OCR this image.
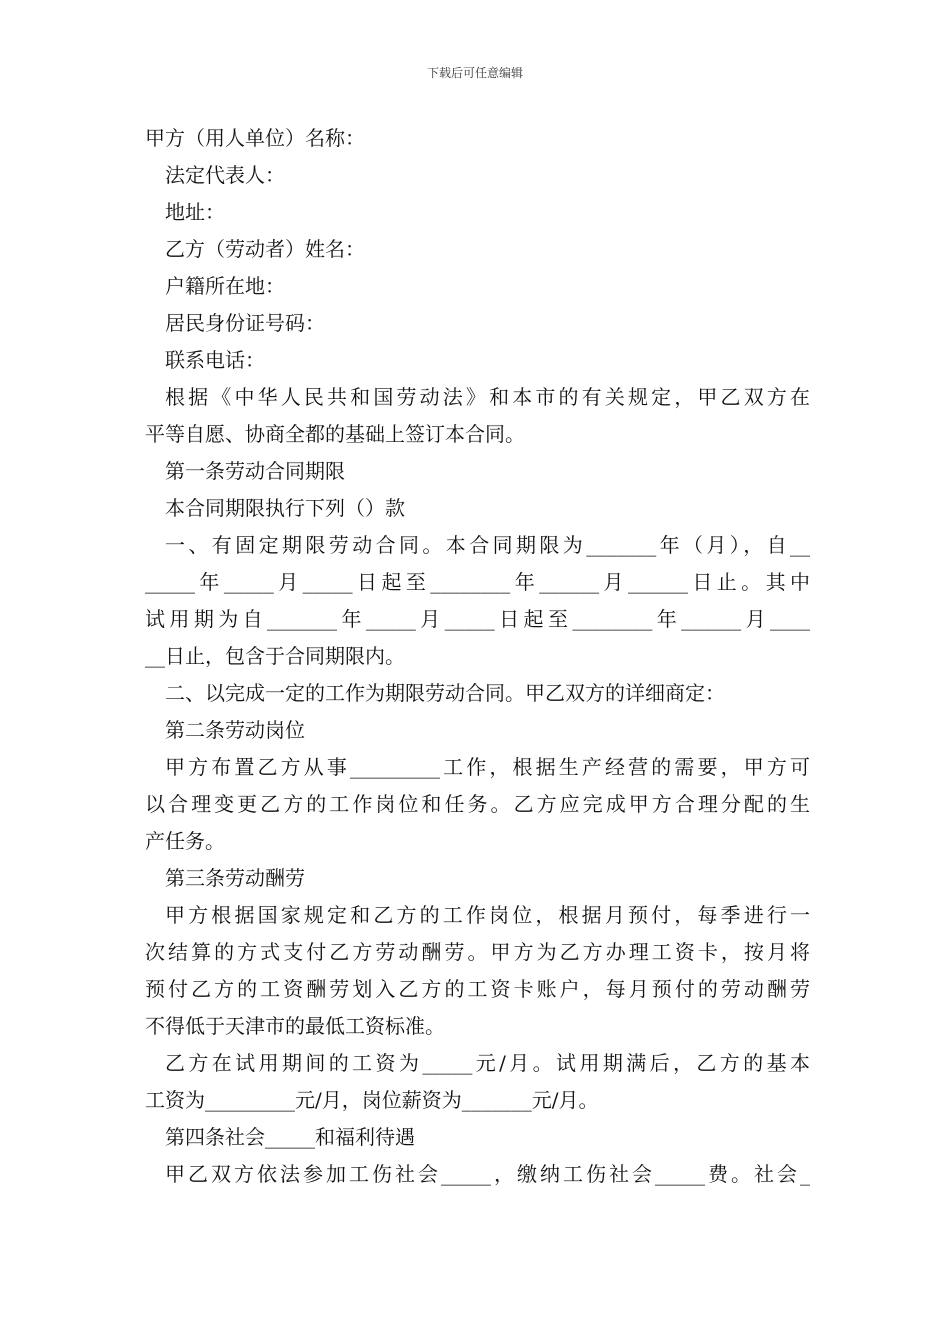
下载后可任意编辑
甲方（用人单位）名称：
法定代表人：
地址：
乙方（劳动者）姓名：
户籍所在地：
居民身份证号码：
联系电话：
根据《中华人民共和国劳动法》和本市的有关规定，甲乙双方在
平等自愿、协商全都的基础上签订本合同。
第一条劳动合同期限
本合同期限执行下列（）款
一、有固定期限劳动合同。本合同期限为_______年（月），自__
_____年_____月_____日起至________年______月______日止。其中
试用期为自_______年_____月_____日起至________年______月____
__日止，包含于合同期限内。
二、以完成一定的工作为期限劳动合同。甲乙双方的详细商定：
第二条劳动岗位
甲方布置乙方从事_________工作，根据生产经营的需要，甲方可
以合理变更乙方的工作岗位和任务。乙方应完成甲方合理分配的生
产任务。
第三条劳动酬劳
甲方根据国家规定和乙方的工作岗位，根据月预付，每季进行一
次结算的方式支付乙方劳动酬劳。甲方为乙方办理工资卡，按月将
预付乙方的工资酬劳划入乙方的工资卡账户，每月预付的劳动酬劳
不得低于天津市的最低工资标准。
乙方在试用期间的工资为_____元/月。试用期满后，乙方的基本
工资为_________元/月，岗位薪资为_______元/月。
第四条社会_____和福利待遇
甲乙双方依法参加工伤社会_____，缴纳工伤社会_____费。社会_
